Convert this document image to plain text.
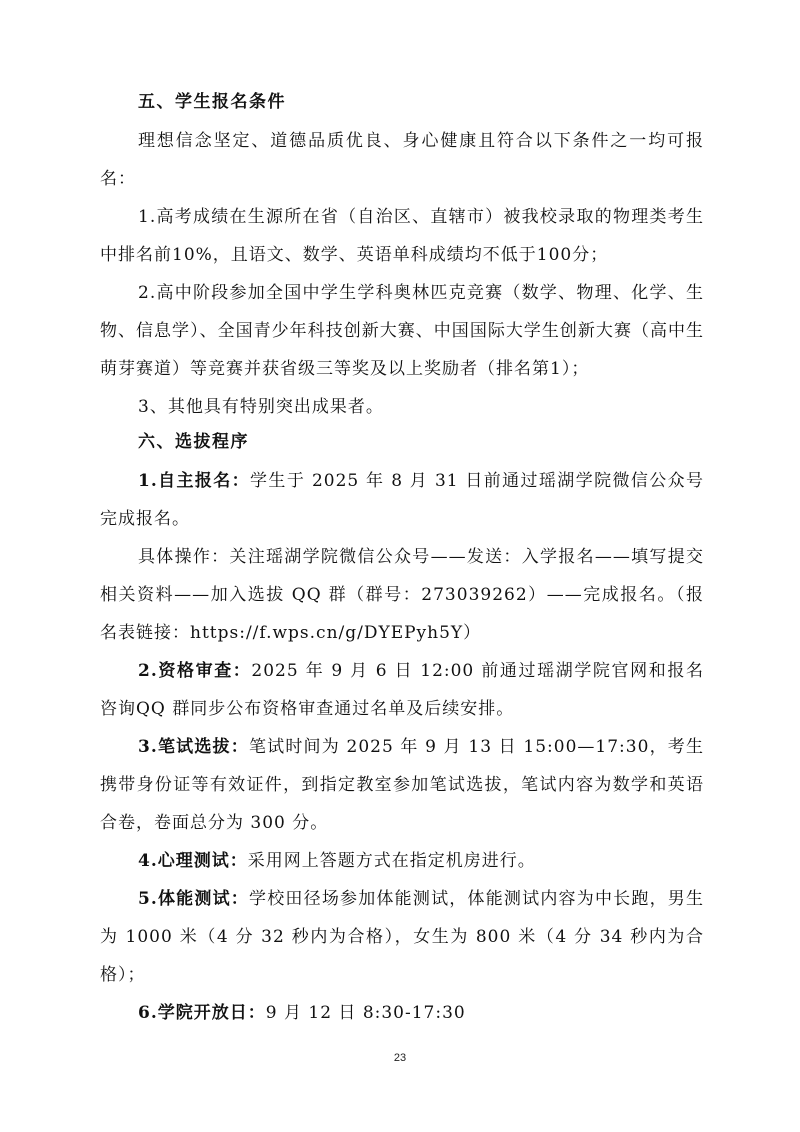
五、学生报名条件
理想信念坚定、道德品质优良、身心健康且符合以下条件之一均可报名：
1.高考成绩在生源所在省（自治区、直辖市）被我校录取的物理类考生中排名前10%，且语文、数学、英语单科成绩均不低于100分；
2.高中阶段参加全国中学生学科奥林匹克竞赛（数学、物理、化学、生物、信息学）、全国青少年科技创新大赛、中国国际大学生创新大赛（高中生萌芽赛道）等竞赛并获省级三等奖及以上奖励者（排名第1）；
3、其他具有特别突出成果者。
六、选拔程序
1.自主报名：学生于 2025 年 8 月 31 日前通过瑶湖学院微信公众号完成报名。
具体操作：关注瑶湖学院微信公众号——发送：入学报名——填写提交相关资料——加入选拔 QQ 群（群号：273039262）——完成报名。（报名表链接：https://f.wps.cn/g/DYEPyh5Y）
2.资格审查：2025 年 9 月 6 日 12:00 前通过瑶湖学院官网和报名咨询QQ 群同步公布资格审查通过名单及后续安排。
3.笔试选拔：笔试时间为 2025 年 9 月 13 日 15:00—17:30，考生携带身份证等有效证件，到指定教室参加笔试选拔，笔试内容为数学和英语合卷，卷面总分为 300 分。
4.心理测试：采用网上答题方式在指定机房进行。
5.体能测试：学校田径场参加体能测试，体能测试内容为中长跑，男生为 1000 米（4 分 32 秒内为合格），女生为 800 米（4 分 34 秒内为合格）；
6.学院开放日：9 月 12 日 8:30-17:30
23
